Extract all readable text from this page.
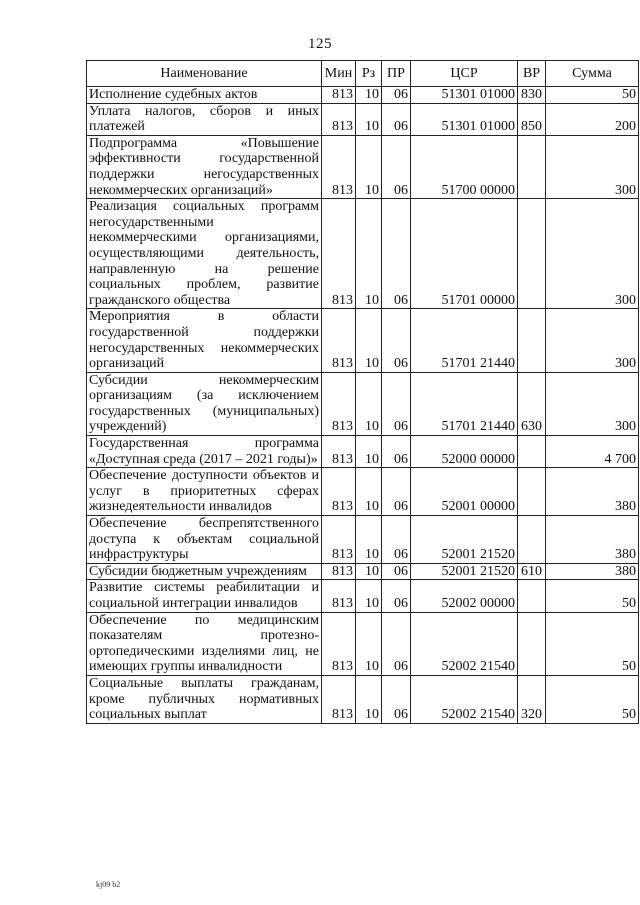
125
Наименование	Мин	Рз	ПР	ЦСР	ВР	Сумма
Исполнение судебных актов	813	10	06	51301 01000	830	50
Уплата налогов, сборов и иных платежей	813	10	06	51301 01000	850	200
Подпрограмма «Повышение эффективности государственной поддержки негосударственных некоммерческих организаций»	813	10	06	51700 00000		300
Реализация социальных программ негосударственными некоммерческими организациями, осуществляющими деятельность, направленную на решение социальных проблем, развитие гражданского общества	813	10	06	51701 00000		300
Мероприятия в области государственной поддержки негосударственных некоммерческих организаций	813	10	06	51701 21440		300
Субсидии некоммерческим организациям (за исключением государственных (муниципальных) учреждений)	813	10	06	51701 21440	630	300
Государственная программа «Доступная среда (2017 – 2021 годы)»	813	10	06	52000 00000		4 700
Обеспечение доступности объектов и услуг в приоритетных сферах жизнедеятельности инвалидов	813	10	06	52001 00000		380
Обеспечение беспрепятственного доступа к объектам социальной инфраструктуры	813	10	06	52001 21520		380
Субсидии бюджетным учреждениям	813	10	06	52001 21520	610	380
Развитие системы реабилитации и социальной интеграции инвалидов	813	10	06	52002 00000		50
Обеспечение по медицинским показателям протезно-ортопедическими изделиями лиц, не имеющих группы инвалидности	813	10	06	52002 21540		50
Социальные выплаты гражданам, кроме публичных нормативных социальных выплат	813	10	06	52002 21540	320	50
kj09 b2
